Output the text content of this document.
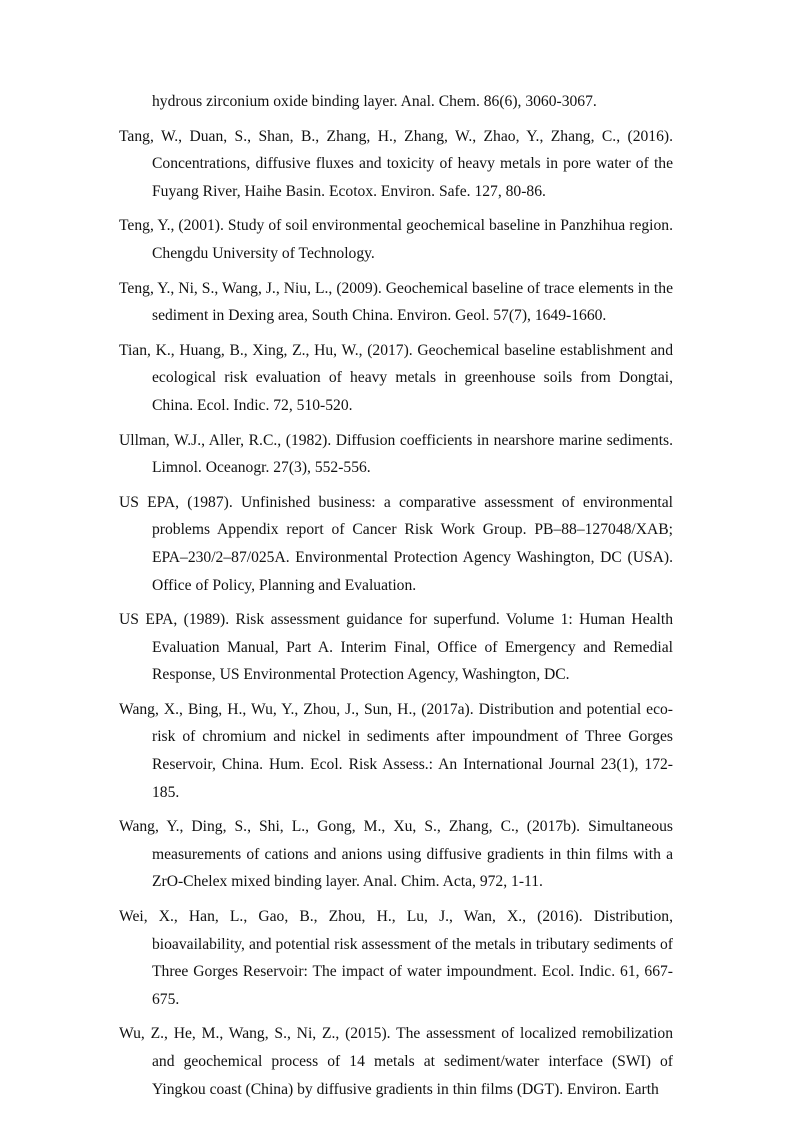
hydrous zirconium oxide binding layer. Anal. Chem. 86(6), 3060-3067.

Tang, W., Duan, S., Shan, B., Zhang, H., Zhang, W., Zhao, Y., Zhang, C., (2016). Concentrations, diffusive fluxes and toxicity of heavy metals in pore water of the Fuyang River, Haihe Basin. Ecotox. Environ. Safe. 127, 80-86.

Teng, Y., (2001). Study of soil environmental geochemical baseline in Panzhihua region. Chengdu University of Technology.

Teng, Y., Ni, S., Wang, J., Niu, L., (2009). Geochemical baseline of trace elements in the sediment in Dexing area, South China. Environ. Geol. 57(7), 1649-1660.

Tian, K., Huang, B., Xing, Z., Hu, W., (2017). Geochemical baseline establishment and ecological risk evaluation of heavy metals in greenhouse soils from Dongtai, China. Ecol. Indic. 72, 510-520.

Ullman, W.J., Aller, R.C., (1982). Diffusion coefficients in nearshore marine sediments. Limnol. Oceanogr. 27(3), 552-556.

US EPA, (1987). Unfinished business: a comparative assessment of environmental problems Appendix report of Cancer Risk Work Group. PB–88–127048/XAB; EPA–230/2–87/025A. Environmental Protection Agency Washington, DC (USA). Office of Policy, Planning and Evaluation.

US EPA, (1989). Risk assessment guidance for superfund. Volume 1: Human Health Evaluation Manual, Part A. Interim Final, Office of Emergency and Remedial Response, US Environmental Protection Agency, Washington, DC.

Wang, X., Bing, H., Wu, Y., Zhou, J., Sun, H., (2017a). Distribution and potential eco-risk of chromium and nickel in sediments after impoundment of Three Gorges Reservoir, China. Hum. Ecol. Risk Assess.: An International Journal 23(1), 172-185.

Wang, Y., Ding, S., Shi, L., Gong, M., Xu, S., Zhang, C., (2017b). Simultaneous measurements of cations and anions using diffusive gradients in thin films with a ZrO-Chelex mixed binding layer. Anal. Chim. Acta, 972, 1-11.

Wei, X., Han, L., Gao, B., Zhou, H., Lu, J., Wan, X., (2016). Distribution, bioavailability, and potential risk assessment of the metals in tributary sediments of Three Gorges Reservoir: The impact of water impoundment. Ecol. Indic. 61, 667-675.

Wu, Z., He, M., Wang, S., Ni, Z., (2015). The assessment of localized remobilization and geochemical process of 14 metals at sediment/water interface (SWI) of Yingkou coast (China) by diffusive gradients in thin films (DGT). Environ. Earth
